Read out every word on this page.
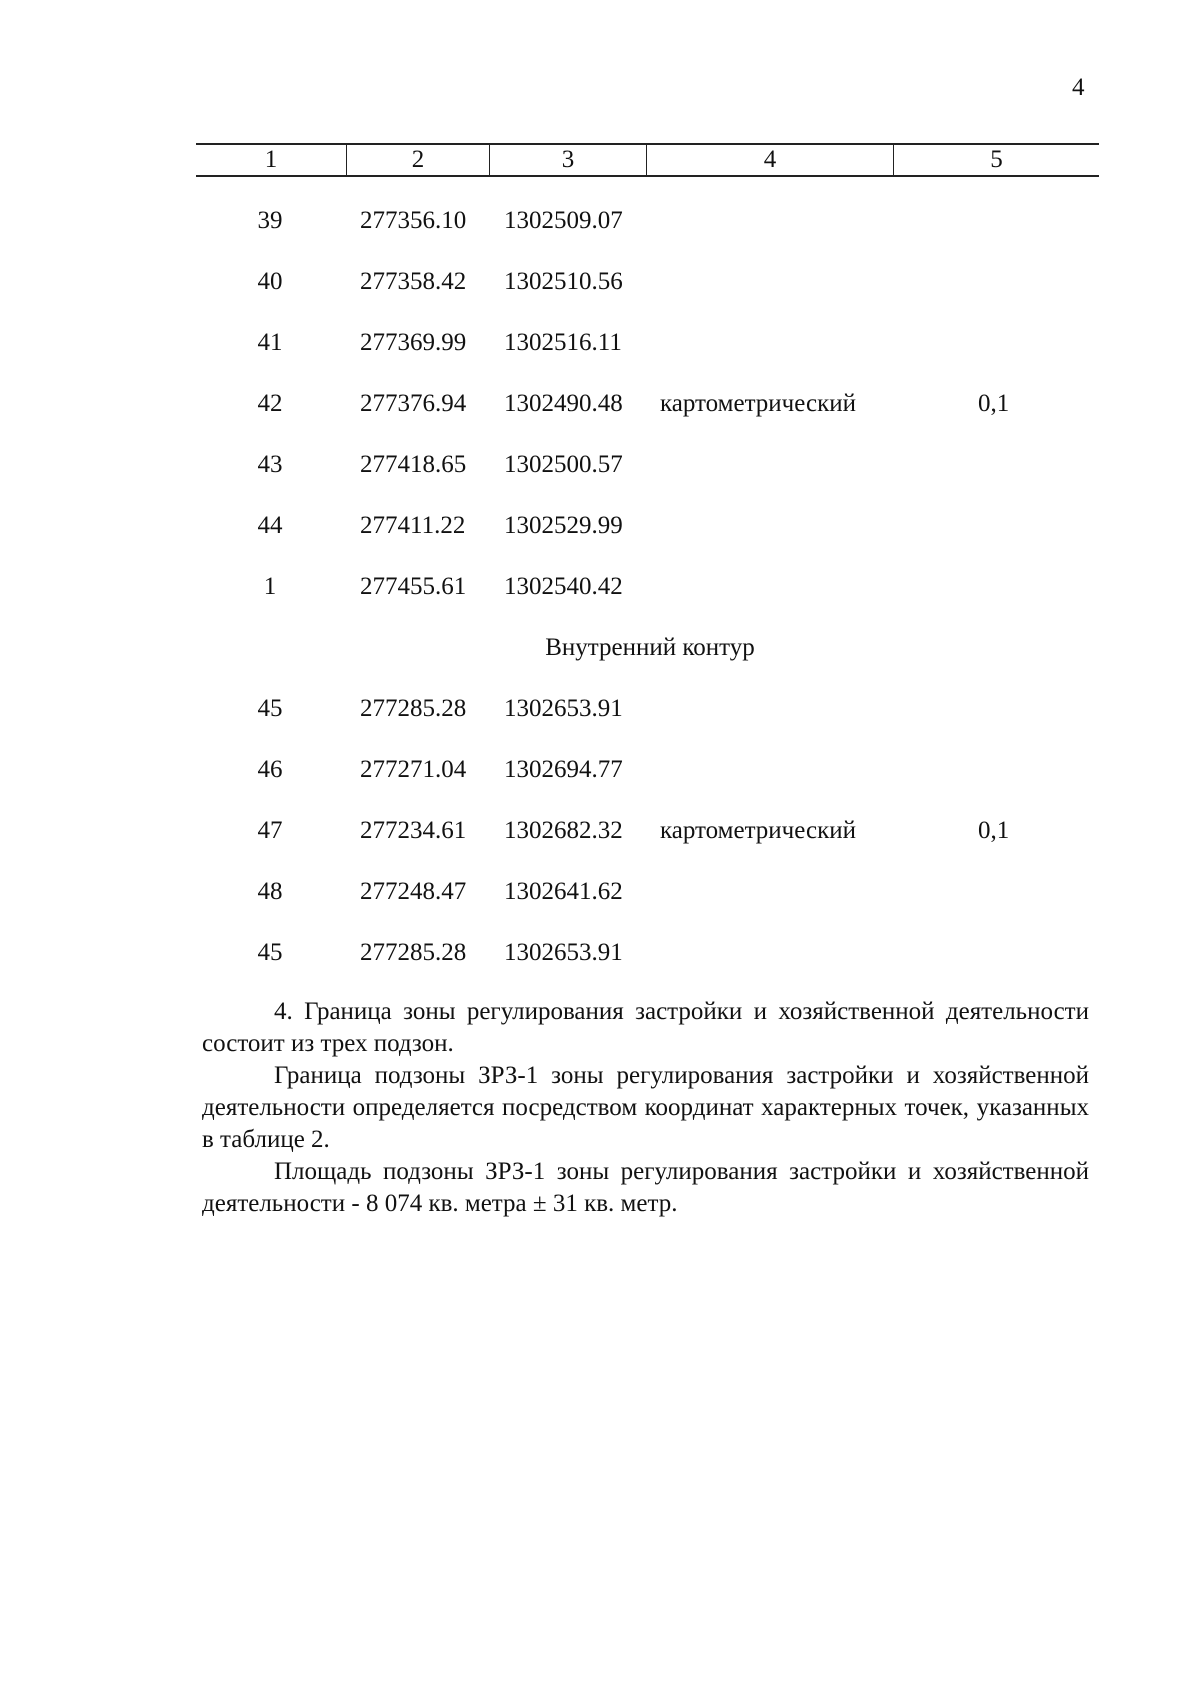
4
1	2	3	4	5
39	277356.10 1302509.07
40	277358.42 1302510.56
41	277369.99 1302516.11
42	277376.94 1302490.48 картометрический	0,1
43	277418.65 1302500.57
44	277411.22 1302529.99
1	277455.61 1302540.42
Внутренний контур
45	277285.28 1302653.91
46	277271.04 1302694.77
47	277234.61 1302682.32 картометрический	0,1
48	277248.47 1302641.62
45	277285.28 1302653.91

4. Граница зоны регулирования застройки и хозяйственной деятельности состоит из трех подзон.

Граница подзоны ЗРЗ-1 зоны регулирования застройки и хозяйственной деятельности определяется посредством координат характерных точек, указанных в таблице 2.

Площадь подзоны ЗРЗ-1 зоны регулирования застройки и хозяйственной деятельности - 8 074 кв. метра ± 31 кв. метр.
